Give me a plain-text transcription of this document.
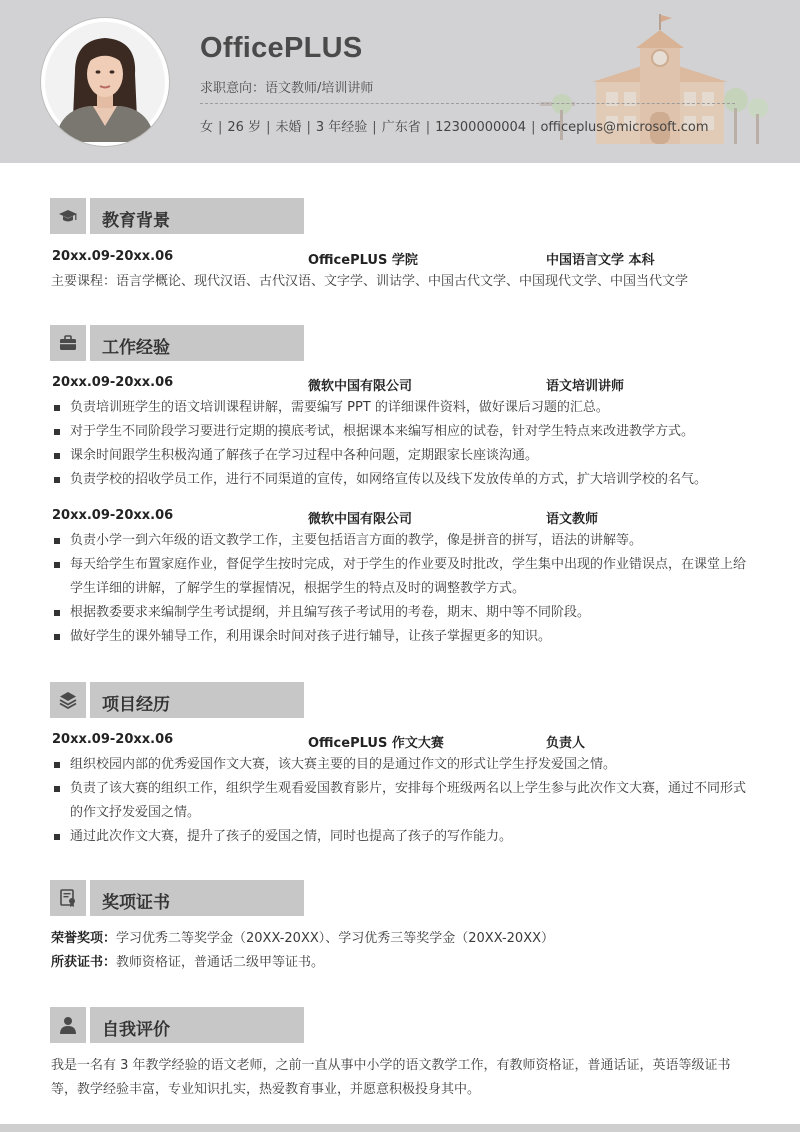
OfficePLUS
求职意向：语文教师/培训讲师
女 | 26 岁 | 未婚 | 3 年经验 | 广东省 | 12300000004 | officeplus@microsoft.com
教育背景
20xx.09-20xx.06	OfficePLUS 学院	中国语言文学 本科
主要课程：语言学概论、现代汉语、古代汉语、文字学、训诂学、中国古代文学、中国现代文学、中国当代文学
工作经验
20xx.09-20xx.06	微软中国有限公司	语文培训讲师
负责培训班学生的语文培训课程讲解，需要编写 PPT 的详细课件资料，做好课后习题的汇总。
对于学生不同阶段学习要进行定期的摸底考试，根据课本来编写相应的试卷，针对学生特点来改进教学方式。
课余时间跟学生积极沟通了解孩子在学习过程中各种问题，定期跟家长座谈沟通。
负责学校的招收学员工作，进行不同渠道的宣传，如网络宣传以及线下发放传单的方式，扩大培训学校的名气。
20xx.09-20xx.06	微软中国有限公司	语文教师
负责小学一到六年级的语文教学工作，主要包括语言方面的教学，像是拼音的拼写，语法的讲解等。
每天给学生布置家庭作业，督促学生按时完成，对于学生的作业要及时批改，学生集中出现的作业错误点，在课堂上给学生详细的讲解，了解学生的掌握情况，根据学生的特点及时的调整教学方式。
根据教委要求来编制学生考试提纲，并且编写孩子考试用的考卷，期末、期中等不同阶段。
做好学生的课外辅导工作，利用课余时间对孩子进行辅导，让孩子掌握更多的知识。
项目经历
20xx.09-20xx.06	OfficePLUS 作文大赛	负责人
组织校园内部的优秀爱国作文大赛，该大赛主要的目的是通过作文的形式让学生抒发爱国之情。
负责了该大赛的组织工作，组织学生观看爱国教育影片，安排每个班级两名以上学生参与此次作文大赛，通过不同形式的作文抒发爱国之情。
通过此次作文大赛，提升了孩子的爱国之情，同时也提高了孩子的写作能力。
奖项证书
荣誉奖项：学习优秀二等奖学金（20XX-20XX）、学习优秀三等奖学金（20XX-20XX）
所获证书：教师资格证，普通话二级甲等证书。
自我评价
我是一名有 3 年教学经验的语文老师，之前一直从事中小学的语文教学工作，有教师资格证，普通话证，英语等级证书等，教学经验丰富，专业知识扎实，热爱教育事业，并愿意积极投身其中。
